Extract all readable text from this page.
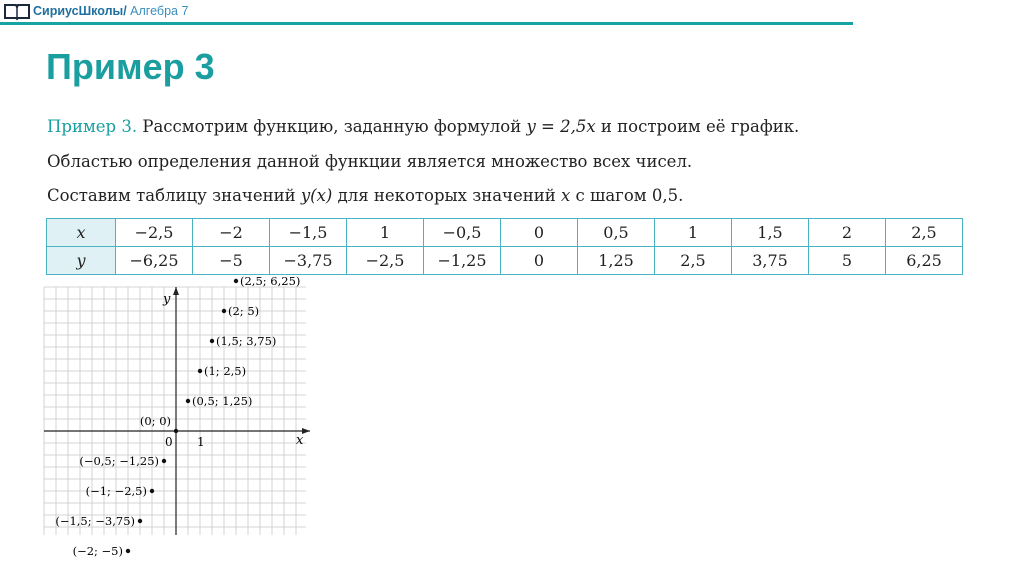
СириусШколы/ Алгебра 7
Пример 3
Пример 3. Рассмотрим функцию, заданную формулой y = 2,5x и построим её график.
Областью определения данной функции является множество всех чисел.
Составим таблицу значений y(x) для некоторых значений x с шагом 0,5.
x	−2,5	−2	−1,5	1	−0,5	0	0,5	1	1,5	2	2,5
y	−6,25	−5	−3,75	−2,5	−1,25	0	1,25	2,5	3,75	5	6,25
x
y
0 1
(2,5; 6,25)
(2; 5)
(1,5; 3,75)
(1; 2,5)
(0,5; 1,25)
(0; 0)
(−0,5; −1,25)
(−1; −2,5)
(−1,5; −3,75)
(−2; −5)
